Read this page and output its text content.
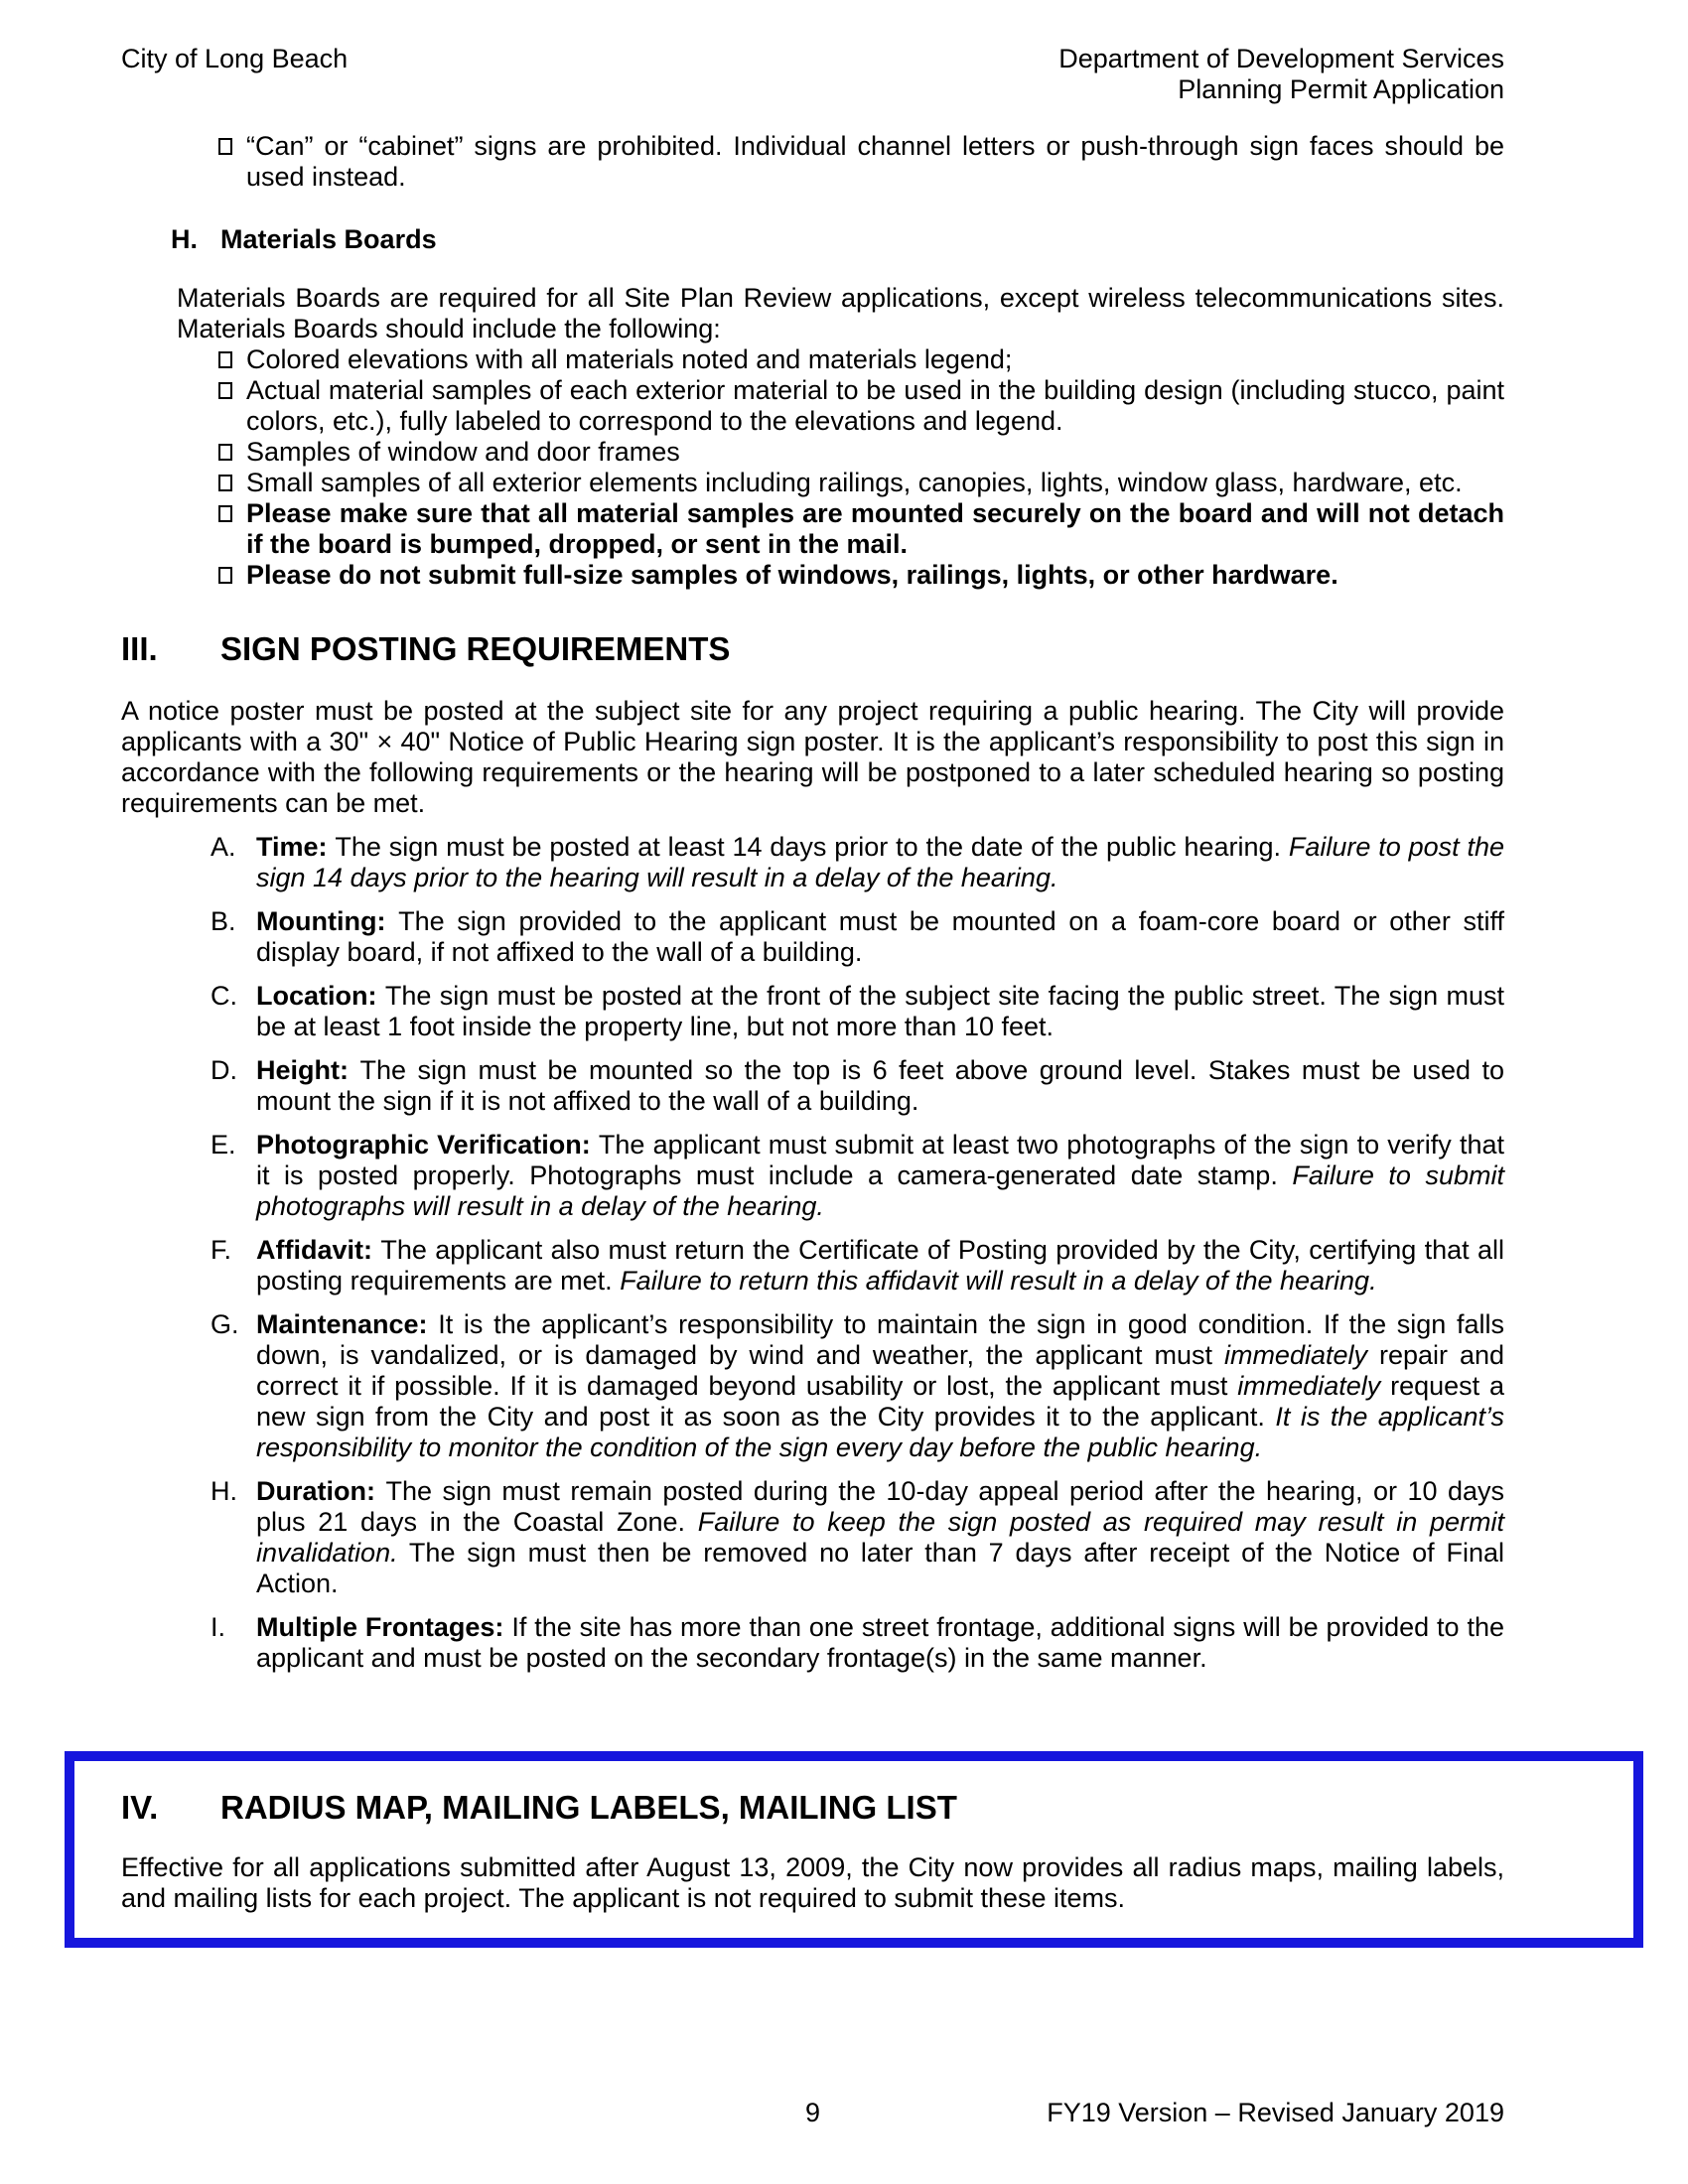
City of Long Beach	Department of Development Services
Planning Permit Application
“Can” or “cabinet” signs are prohibited. Individual channel letters or push-through sign faces should be used instead.
H. Materials Boards

Materials Boards are required for all Site Plan Review applications, except wireless telecommunications sites. Materials Boards should include the following:

Colored elevations with all materials noted and materials legend;
Actual material samples of each exterior material to be used in the building design (including stucco, paint colors, etc.), fully labeled to correspond to the elevations and legend.
Samples of window and door frames
Small samples of all exterior elements including railings, canopies, lights, window glass, hardware, etc.
Please make sure that all material samples are mounted securely on the board and will not detach if the board is bumped, dropped, or sent in the mail.
Please do not submit full-size samples of windows, railings, lights, or other hardware.
III.	SIGN POSTING REQUIREMENTS

A notice poster must be posted at the subject site for any project requiring a public hearing. The City will provide applicants with a 30" × 40" Notice of Public Hearing sign poster. It is the applicant’s responsibility to post this sign in accordance with the following requirements or the hearing will be postponed to a later scheduled hearing so posting requirements can be met.

A. Time: The sign must be posted at least 14 days prior to the date of the public hearing. Failure to post the sign 14 days prior to the hearing will result in a delay of the hearing.
B. Mounting: The sign provided to the applicant must be mounted on a foam-core board or other stiff display board, if not affixed to the wall of a building.
C. Location: The sign must be posted at the front of the subject site facing the public street. The sign must be at least 1 foot inside the property line, but not more than 10 feet.
D. Height: The sign must be mounted so the top is 6 feet above ground level. Stakes must be used to mount the sign if it is not affixed to the wall of a building.
E. Photographic Verification: The applicant must submit at least two photographs of the sign to verify that it is posted properly. Photographs must include a camera-generated date stamp. Failure to submit photographs will result in a delay of the hearing.
F. Affidavit: The applicant also must return the Certificate of Posting provided by the City, certifying that all posting requirements are met. Failure to return this affidavit will result in a delay of the hearing.
G. Maintenance: It is the applicant’s responsibility to maintain the sign in good condition. If the sign falls down, is vandalized, or is damaged by wind and weather, the applicant must immediately repair and correct it if possible. If it is damaged beyond usability or lost, the applicant must immediately request a new sign from the City and post it as soon as the City provides it to the applicant. It is the applicant’s responsibility to monitor the condition of the sign every day before the public hearing.
H. Duration: The sign must remain posted during the 10-day appeal period after the hearing, or 10 days plus 21 days in the Coastal Zone. Failure to keep the sign posted as required may result in permit invalidation. The sign must then be removed no later than 7 days after receipt of the Notice of Final Action.
I.	Multiple Frontages: If the site has more than one street frontage, additional signs will be provided to the applicant and must be posted on the secondary frontage(s) in the same manner.
IV.	RADIUS MAP, MAILING LABELS, MAILING LIST

Effective for all applications submitted after August 13, 2009, the City now provides all radius maps, mailing labels, and mailing lists for each project. The applicant is not required to submit these items.

9	FY19 Version – Revised January 2019
